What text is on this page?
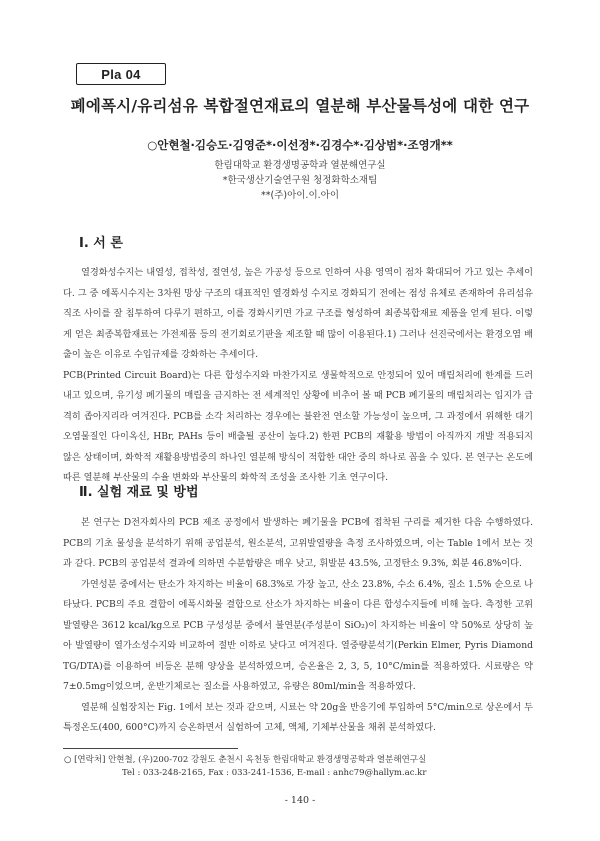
Pla 04
폐에폭시/유리섬유 복합절연재료의 열분해 부산물특성에 대한 연구
○안현철·김승도·김영준*·이선정*·김경수*·김상범*·조영개**
한림대학교 환경생명공학과 열분해연구실
*한국생산기술연구원 청정화학소재팀
**(주)아이.이.아이
Ⅰ. 서 론

열경화성수지는 내열성, 접착성, 절연성, 높은 가공성 등으로 인하여 사용 영역이 점차 확대되어 가고 있는 추세이다. 그 중 에폭시수지는 3차원 망상 구조의 대표적인 열경화성 수지로 경화되기 전에는 점성 유체로 존재하여 유리섬유 직조 사이를 잘 침투하여 다루기 편하고, 이를 경화시키면 가교 구조를 형성하여 최종복합재료 제품을 얻게 된다. 이렇게 얻은 최종복합재료는 가전제품 등의 전기회로기판을 제조할 때 많이 이용된다.1) 그러나 선진국에서는 환경오염 배출이 높은 이유로 수입규제를 강화하는 추세이다.

PCB(Printed Circuit Board)는 다른 합성수지와 마찬가지로 생물학적으로 안정되어 있어 매립처리에 한계를 드러내고 있으며, 유기성 폐기물의 매립을 금지하는 전 세계적인 상황에 비추어 볼 때 PCB 폐기물의 매립처리는 입지가 급격히 좁아지리라 여겨진다. PCB를 소각 처리하는 경우에는 불완전 연소할 가능성이 높으며, 그 과정에서 위해한 대기오염물질인 다이옥신, HBr, PAHs 등이 배출될 공산이 높다.2) 한편 PCB의 재활용 방법이 아직까지 개발 적용되지 않은 상태이며, 화학적 재활용방법중의 하나인 열분해 방식이 적합한 대안 중의 하나로 꼽을 수 있다. 본 연구는 온도에 따른 열분해 부산물의 수율 변화와 부산물의 화학적 조성을 조사한 기초 연구이다.

Ⅱ. 실험 재료 및 방법

본 연구는 D전자회사의 PCB 제조 공정에서 발생하는 폐기물을 PCB에 접착된 구리를 제거한 다음 수행하였다. PCB의 기초 물성을 분석하기 위해 공업분석, 원소분석, 고위발열량을 측정 조사하였으며, 이는 Table 1에서 보는 것과 같다. PCB의 공업분석 결과에 의하면 수분함량은 매우 낮고, 휘발분 43.5%, 고정탄소 9.3%, 회분 46.8%이다.

가연성분 중에서는 탄소가 차지하는 비율이 68.3%로 가장 높고, 산소 23.8%, 수소 6.4%, 질소 1.5% 순으로 나타났다. PCB의 주요 결합이 에폭시화물 결합으로 산소가 차지하는 비율이 다른 합성수지들에 비해 높다. 측정한 고위발열량은 3612 kcal/kg으로 PCB 구성성분 중에서 불연분(주성분이 SiO₂)이 차지하는 비율이 약 50%로 상당히 높아 발열량이 열가소성수지와 비교하여 절반 이하로 낮다고 여겨진다. 열중량분석기(Perkin Elmer, Pyris Diamond TG/DTA)를 이용하여 비등온 분해 양상을 분석하였으며, 승온율은 2, 3, 5, 10°C/min를 적용하였다. 시료량은 약 7±0.5mg이었으며, 운반기체로는 질소를 사용하였고, 유량은 80ml/min을 적용하였다.

열분해 실험장치는 Fig. 1에서 보는 것과 같으며, 시료는 약 20g을 반응기에 투입하여 5°C/min으로 상온에서 두 특정온도(400, 600°C)까지 승온하면서 실험하여 고체, 액체, 기체부산물을 채취 분석하였다.

○ [연락처] 안현철, (우)200-702 강원도 춘천시 옥천동 한림대학교 환경생명공학과 열분해연구실
Tel : 033-248-2165, Fax : 033-241-1536, E-mail : anhc79@hallym.ac.kr
- 140 -
